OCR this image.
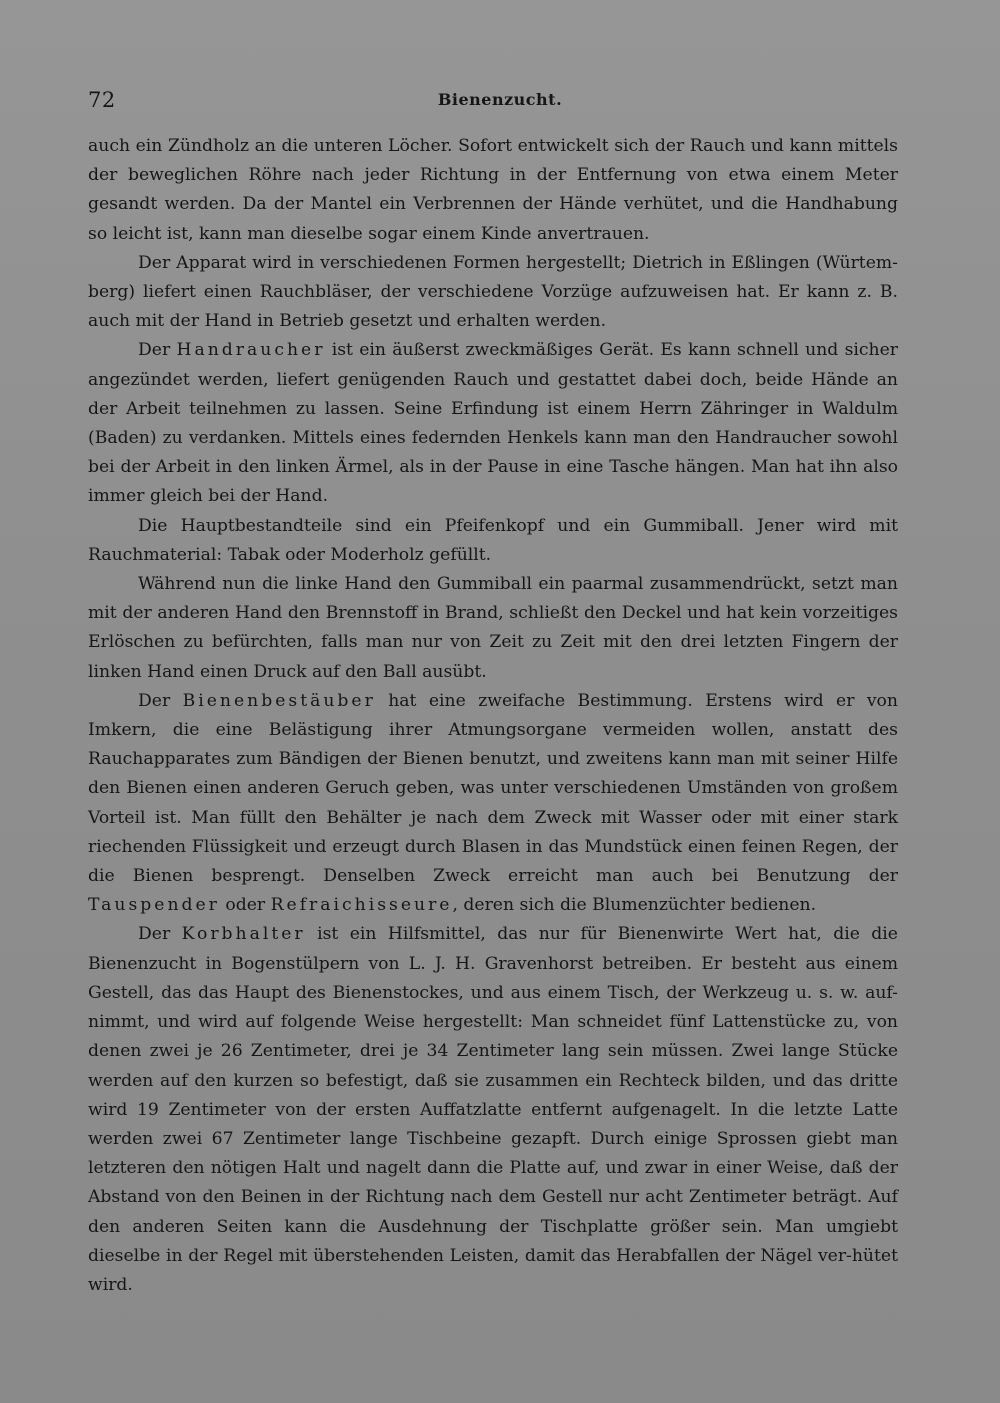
72	Bienenzucht.

auch ein Zündholz an die unteren Löcher. Sofort entwickelt sich der Rauch und kann mittels der beweglichen Röhre nach jeder Richtung in der Entfernung von etwa einem Meter gesandt werden. Da der Mantel ein Verbrennen der Hände verhütet, und die Handhabung so leicht ist, kann man dieselbe sogar einem Kinde anvertrauen.

Der Apparat wird in verschiedenen Formen hergestellt; Dietrich in Eßlingen (Würtem-berg) liefert einen Rauchbläser, der verschiedene Vorzüge aufzuweisen hat. Er kann z. B. auch mit der Hand in Betrieb gesetzt und erhalten werden.

Der Handraucher ist ein äußerst zweckmäßiges Gerät. Es kann schnell und sicher angezündet werden, liefert genügenden Rauch und gestattet dabei doch, beide Hände an der Arbeit teilnehmen zu lassen. Seine Erfindung ist einem Herrn Zähringer in Waldulm (Baden) zu verdanken. Mittels eines federnden Henkels kann man den Handraucher sowohl bei der Arbeit in den linken Ärmel, als in der Pause in eine Tasche hängen. Man hat ihn also immer gleich bei der Hand.

Die Hauptbestandteile sind ein Pfeifenkopf und ein Gummiball. Jener wird mit Rauchmaterial: Tabak oder Moderholz gefüllt.

Während nun die linke Hand den Gummiball ein paarmal zusammendrückt, setzt man mit der anderen Hand den Brennstoff in Brand, schließt den Deckel und hat kein vorzeitiges Erlöschen zu befürchten, falls man nur von Zeit zu Zeit mit den drei letzten Fingern der linken Hand einen Druck auf den Ball ausübt.

Der Bienenbestäuber hat eine zweifache Bestimmung. Erstens wird er von Imkern, die eine Belästigung ihrer Atmungsorgane vermeiden wollen, anstatt des Rauchapparates zum Bändigen der Bienen benutzt, und zweitens kann man mit seiner Hilfe den Bienen einen anderen Geruch geben, was unter verschiedenen Umständen von großem Vorteil ist. Man füllt den Behälter je nach dem Zweck mit Wasser oder mit einer stark riechenden Flüssigkeit und erzeugt durch Blasen in das Mundstück einen feinen Regen, der die Bienen besprengt. Denselben Zweck erreicht man auch bei Benutzung der Tauspender oder Refraichisseure, deren sich die Blumenzüchter bedienen.

Der Korbhalter ist ein Hilfsmittel, das nur für Bienenwirte Wert hat, die die Bienenzucht in Bogenstülpern von L. J. H. Gravenhorst betreiben. Er besteht aus einem Gestell, das das Haupt des Bienenstockes, und aus einem Tisch, der Werkzeug u. s. w. auf-nimmt, und wird auf folgende Weise hergestellt: Man schneidet fünf Lattenstücke zu, von denen zwei je 26 Zentimeter, drei je 34 Zentimeter lang sein müssen. Zwei lange Stücke werden auf den kurzen so befestigt, daß sie zusammen ein Rechteck bilden, und das dritte wird 19 Zentimeter von der ersten Auffatzlatte entfernt aufgenagelt. In die letzte Latte werden zwei 67 Zentimeter lange Tischbeine gezapft. Durch einige Sprossen giebt man letzteren den nötigen Halt und nagelt dann die Platte auf, und zwar in einer Weise, daß der Abstand von den Beinen in der Richtung nach dem Gestell nur acht Zentimeter beträgt. Auf den anderen Seiten kann die Ausdehnung der Tischplatte größer sein. Man umgiebt dieselbe in der Regel mit überstehenden Leisten, damit das Herabfallen der Nägel ver-hütet wird.
